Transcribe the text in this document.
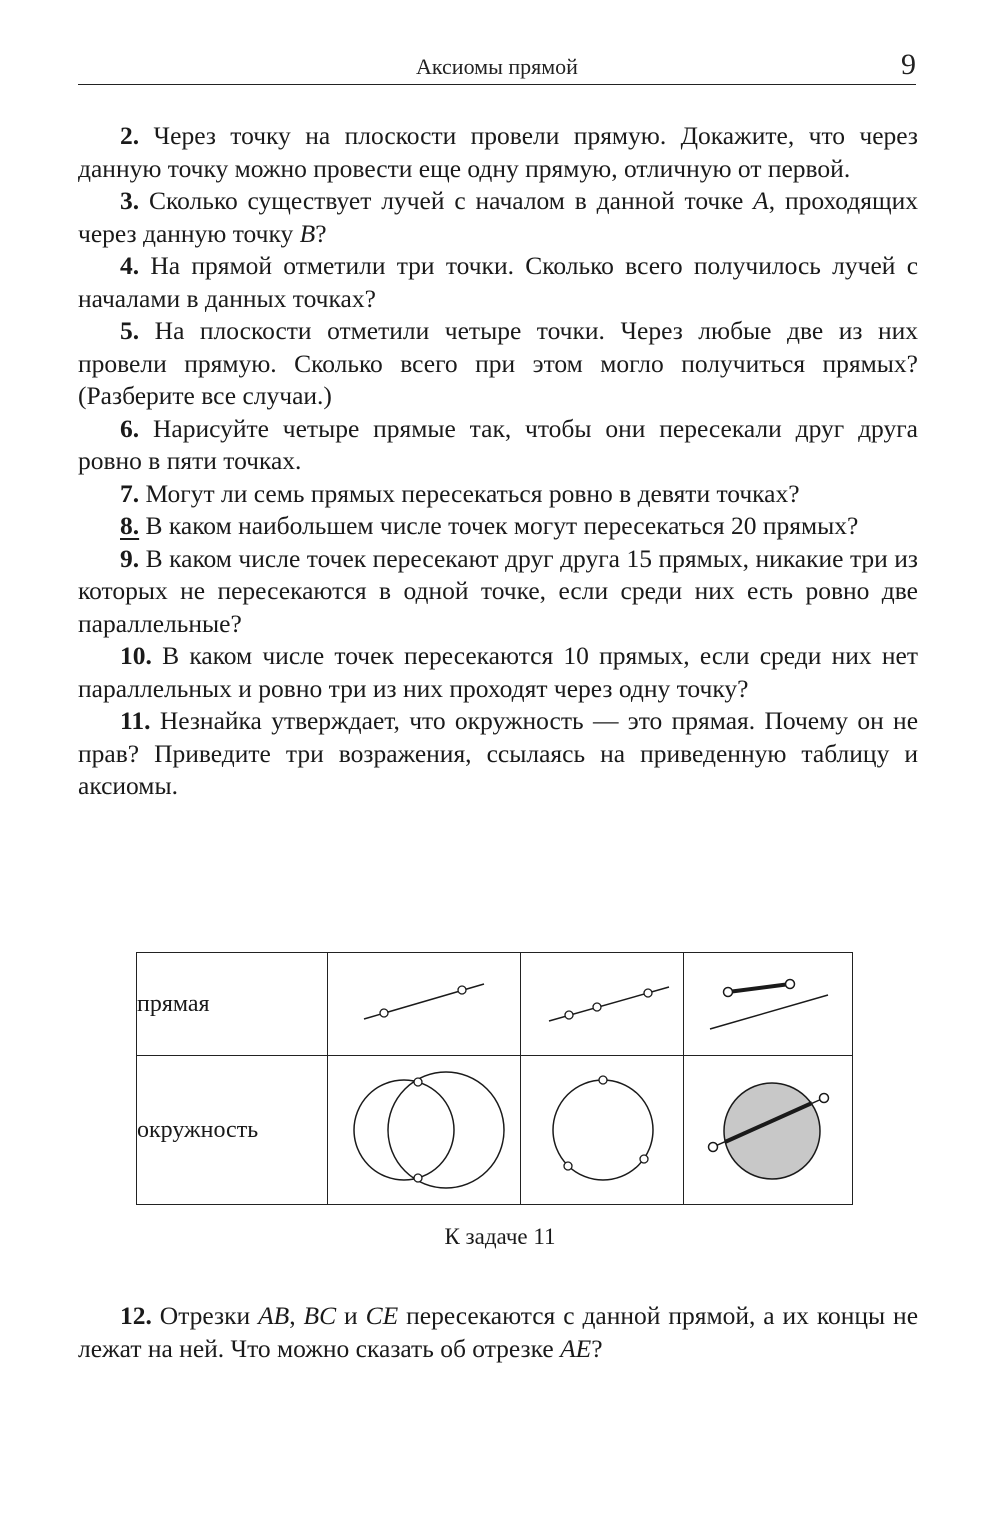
Аксиомы прямой	9

2. Через точку на плоскости провели прямую. Докажите, что через данную точку можно провести еще одну прямую, отличную от первой.

3. Сколько существует лучей с началом в данной точке A, проходящих через данную точку B?

4. На прямой отметили три точки. Сколько всего получилось лучей с началами в данных точках?

5. На плоскости отметили четыре точки. Через любые две из них провели прямую. Сколько всего при этом могло получиться прямых? (Разберите все случаи.)

6. Нарисуйте четыре прямые так, чтобы они пересекали друг друга ровно в пяти точках.

7. Могут ли семь прямых пересекаться ровно в девяти точках?

8. В каком наибольшем числе точек могут пересекаться 20 прямых?

9. В каком числе точек пересекают друг друга 15 прямых, никакие три из которых не пересекаются в одной точке, если среди них есть ровно две параллельные?

10. В каком числе точек пересекаются 10 прямых, если среди них нет параллельных и ровно три из них проходят через одну точку?

11. Незнайка утверждает, что окружность — это прямая. Почему он не прав? Приведите три возражения, ссылаясь на приведенную таблицу и аксиомы.

прямая	

окружность	

К задаче 11

12. Отрезки AB, BC и CE пересекаются с данной прямой, а их концы не лежат на ней. Что можно сказать об отрезке AE?
